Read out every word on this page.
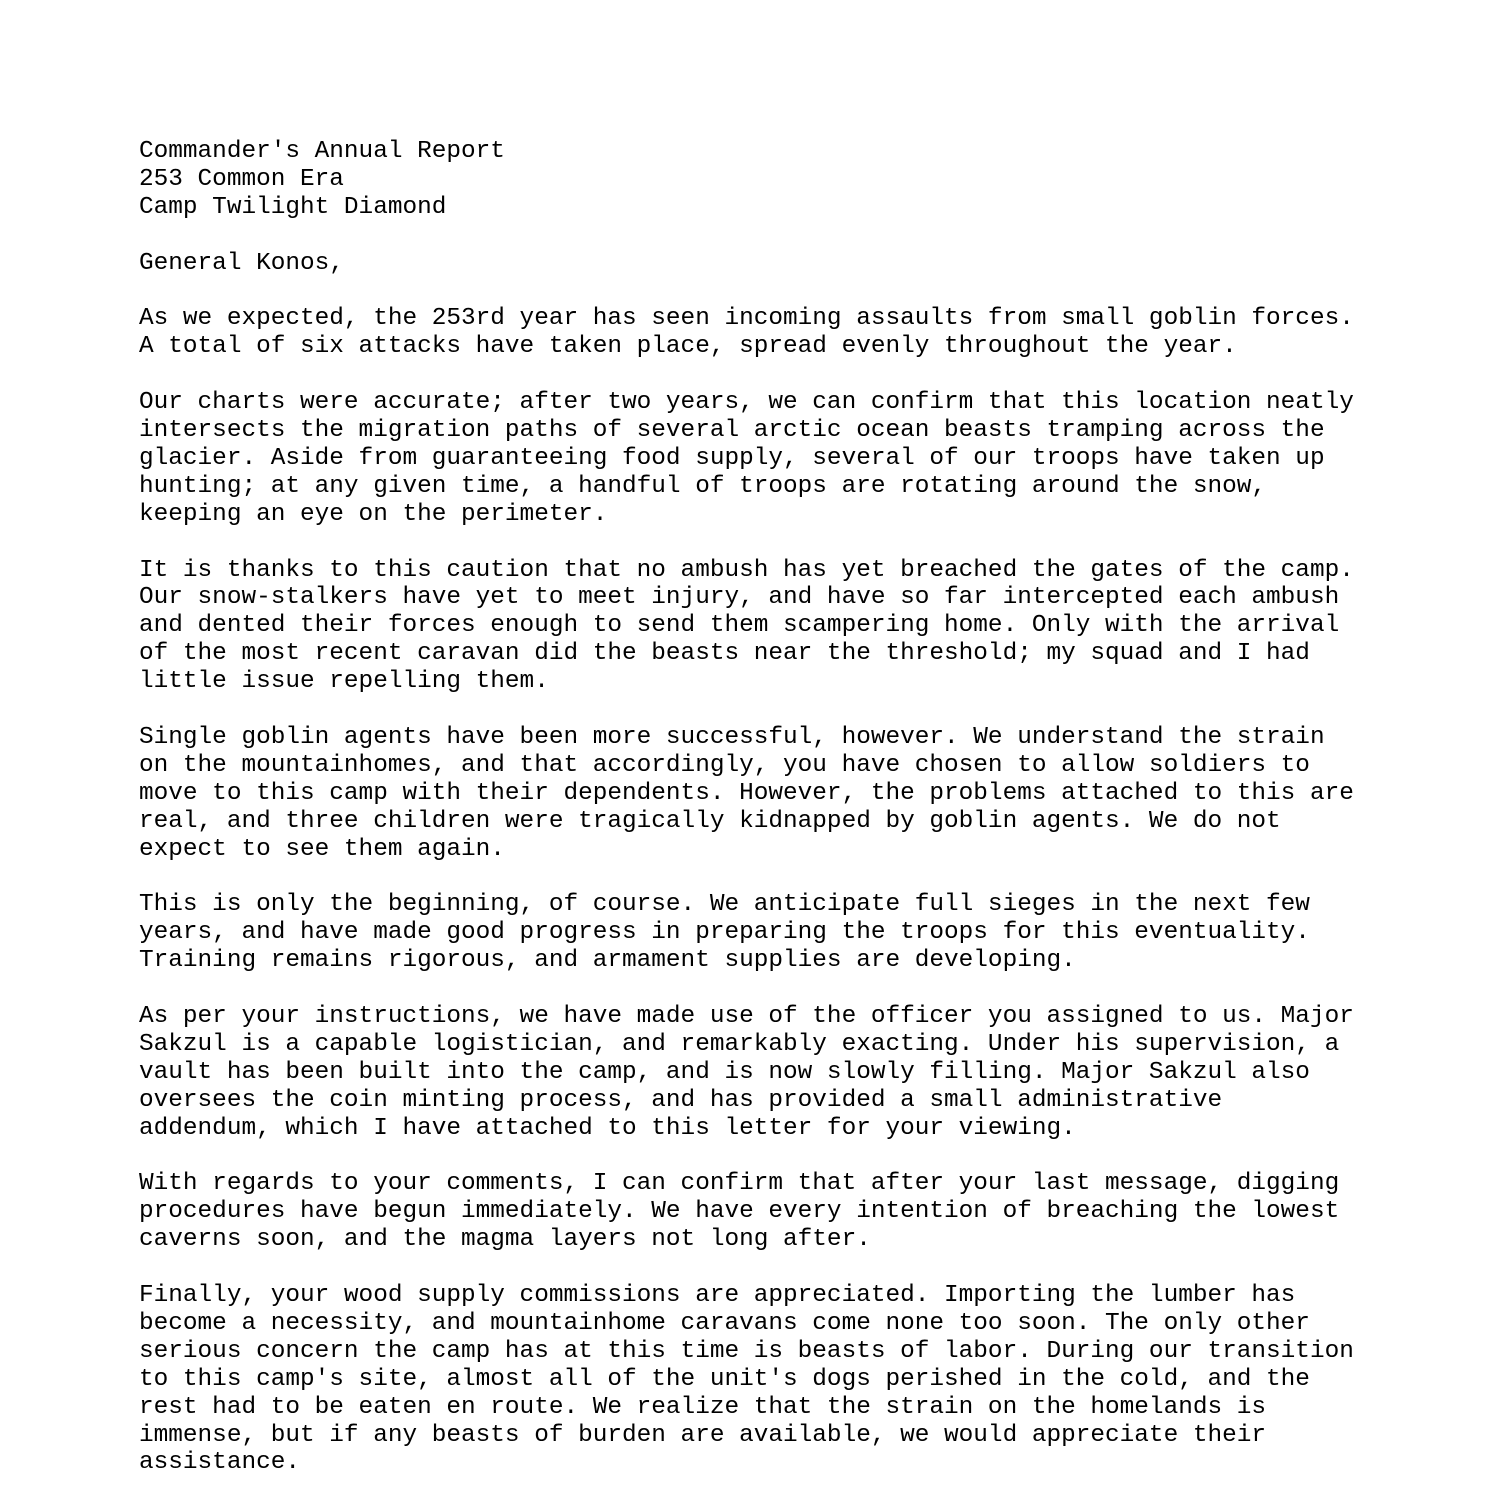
Commander's Annual Report
253 Common Era
Camp Twilight Diamond
General Konos,
As we expected, the 253rd year has seen incoming assaults from small goblin forces.
A total of six attacks have taken place, spread evenly throughout the year.
Our charts were accurate; after two years, we can confirm that this location neatly
intersects the migration paths of several arctic ocean beasts tramping across the
glacier. Aside from guaranteeing food supply, several of our troops have taken up
hunting; at any given time, a handful of troops are rotating around the snow,
keeping an eye on the perimeter.
It is thanks to this caution that no ambush has yet breached the gates of the camp.
Our snow-stalkers have yet to meet injury, and have so far intercepted each ambush
and dented their forces enough to send them scampering home. Only with the arrival
of the most recent caravan did the beasts near the threshold; my squad and I had
little issue repelling them.
Single goblin agents have been more successful, however. We understand the strain
on the mountainhomes, and that accordingly, you have chosen to allow soldiers to
move to this camp with their dependents. However, the problems attached to this are
real, and three children were tragically kidnapped by goblin agents. We do not
expect to see them again.
This is only the beginning, of course. We anticipate full sieges in the next few
years, and have made good progress in preparing the troops for this eventuality.
Training remains rigorous, and armament supplies are developing.
As per your instructions, we have made use of the officer you assigned to us. Major
Sakzul is a capable logistician, and remarkably exacting. Under his supervision, a
vault has been built into the camp, and is now slowly filling. Major Sakzul also
oversees the coin minting process, and has provided a small administrative
addendum, which I have attached to this letter for your viewing.
With regards to your comments, I can confirm that after your last message, digging
procedures have begun immediately. We have every intention of breaching the lowest
caverns soon, and the magma layers not long after.
Finally, your wood supply commissions are appreciated. Importing the lumber has
become a necessity, and mountainhome caravans come none too soon. The only other
serious concern the camp has at this time is beasts of labor. During our transition
to this camp's site, almost all of the unit's dogs perished in the cold, and the
rest had to be eaten en route. We realize that the strain on the homelands is
immense, but if any beasts of burden are available, we would appreciate their
assistance.
